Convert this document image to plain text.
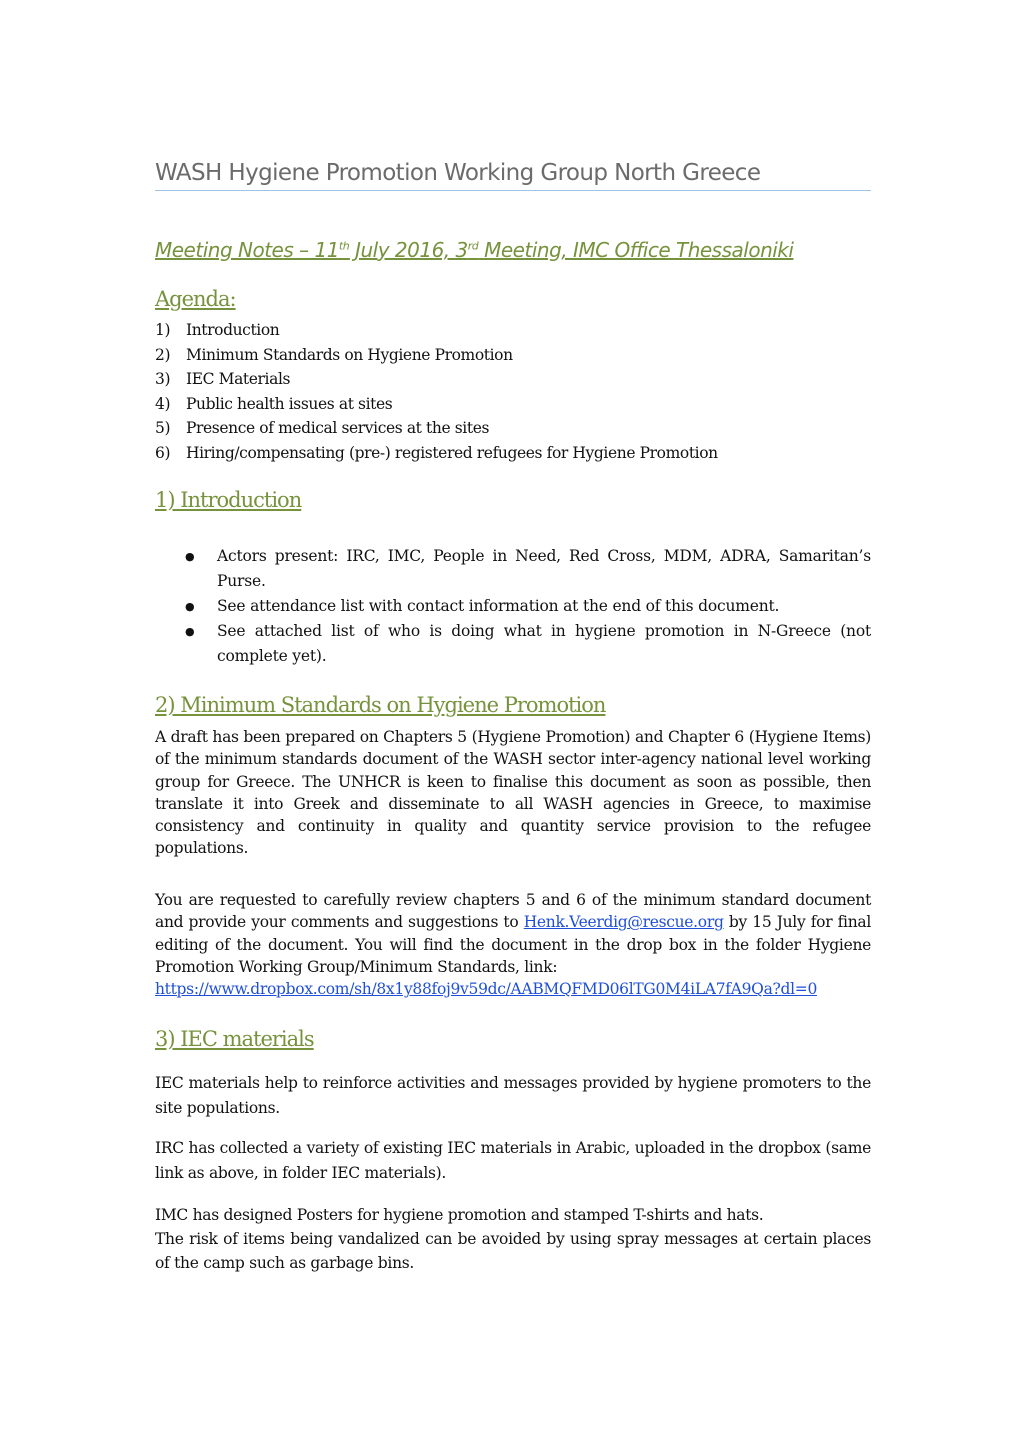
WASH Hygiene Promotion Working Group North Greece
Meeting Notes – 11th July 2016, 3rd Meeting, IMC Office Thessaloniki
Agenda:
1) Introduction
2) Minimum Standards on Hygiene Promotion
3) IEC Materials
4) Public health issues at sites
5) Presence of medical services at the sites
6) Hiring/compensating (pre-) registered refugees for Hygiene Promotion
1) Introduction
● Actors present: IRC, IMC, People in Need, Red Cross, MDM, ADRA, Samaritan’s Purse.
● See attendance list with contact information at the end of this document.
● See attached list of who is doing what in hygiene promotion in N-Greece (not complete yet).
2) Minimum Standards on Hygiene Promotion

A draft has been prepared on Chapters 5 (Hygiene Promotion) and Chapter 6 (Hygiene Items) of the minimum standards document of the WASH sector inter-agency national level working group for Greece. The UNHCR is keen to finalise this document as soon as possible, then translate it into Greek and disseminate to all WASH agencies in Greece, to maximise consistency and continuity in quality and quantity service provision to the refugee populations.

You are requested to carefully review chapters 5 and 6 of the minimum standard document and provide your comments and suggestions to Henk.Veerdig@rescue.org by 15 July for final editing of the document. You will find the document in the drop box in the folder Hygiene Promotion Working Group/Minimum Standards, link:
https://www.dropbox.com/sh/8x1y88foj9v59dc/AABMQFMD06lTG0M4iLA7fA9Qa?dl=0

3) IEC materials

IEC materials help to reinforce activities and messages provided by hygiene promoters to the site populations.

IRC has collected a variety of existing IEC materials in Arabic, uploaded in the dropbox (same link as above, in folder IEC materials).

IMC has designed Posters for hygiene promotion and stamped T-shirts and hats.
The risk of items being vandalized can be avoided by using spray messages at certain places of the camp such as garbage bins.
